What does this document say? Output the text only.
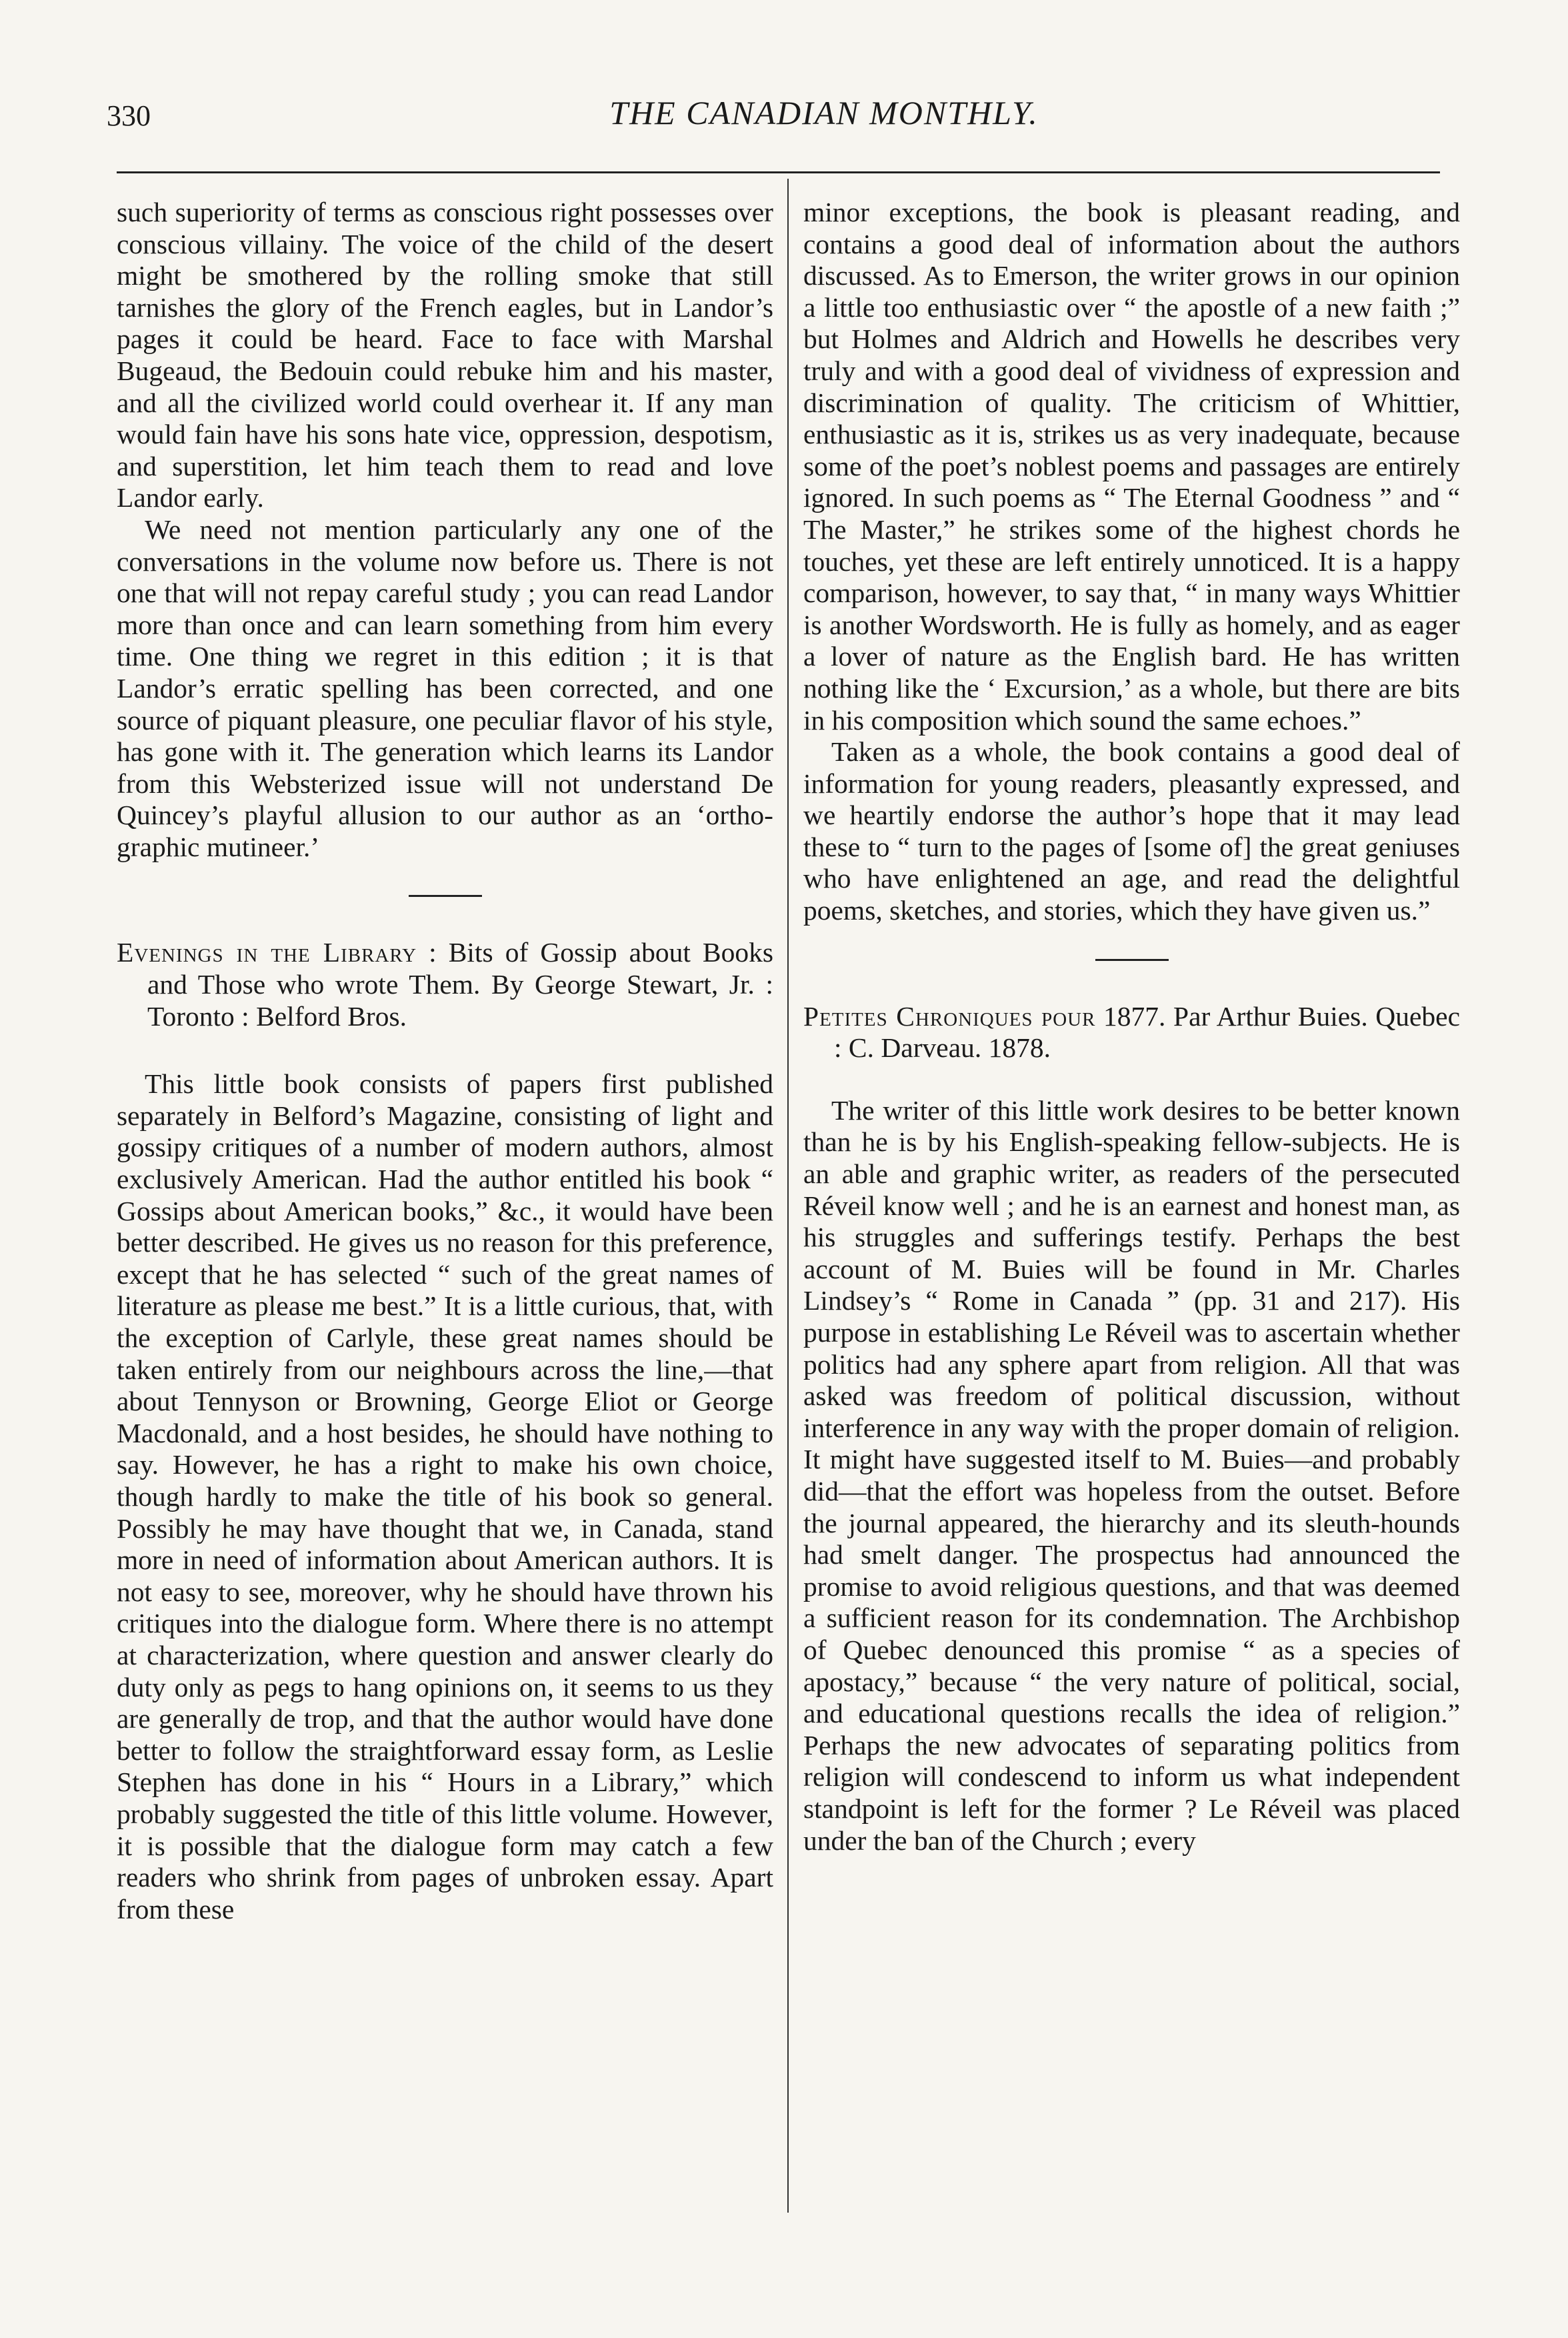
330	THE CANADIAN MONTHLY.

such superiority of terms as conscious right possesses over conscious villainy. The voice of the child of the desert might be smothered by the rolling smoke that still tarnishes the glory of the French eagles, but in Landor’s pages it could be heard. Face to face with Marshal Bugeaud, the Bedouin could rebuke him and his master, and all the civilized world could overhear it. If any man would fain have his sons hate vice, oppression, despotism, and superstition, let him teach them to read and love Landor early.

We need not mention particularly any one of the conversations in the volume now before us. There is not one that will not repay careful study ; you can read Landor more than once and can learn something from him every time. One thing we regret in this edition ; it is that Landor’s erratic spelling has been corrected, and one source of piquant pleasure, one peculiar flavor of his style, has gone with it. The generation which learns its Landor from this Websterized issue will not understand De Quincey’s playful allusion to our author as an ‘orthographic mutineer.’

Evenings in the Library : Bits of Gossip about Books and Those who wrote Them. By George Stewart, Jr. : Toronto : Belford Bros.

This little book consists of papers first published separately in Belford’s Magazine, consisting of light and gossipy critiques of a number of modern authors, almost exclusively American. Had the author entitled his book “ Gossips about American books,” &c., it would have been better described. He gives us no reason for this preference, except that he has selected “ such of the great names of literature as please me best.” It is a little curious, that, with the exception of Carlyle, these great names should be taken entirely from our neighbours across the line,—that about Tennyson or Browning, George Eliot or George Macdonald, and a host besides, he should have nothing to say. However, he has a right to make his own choice, though hardly to make the title of his book so general. Possibly he may have thought that we, in Canada, stand more in need of information about American authors. It is not easy to see, moreover, why he should have thrown his critiques into the dialogue form. Where there is no attempt at characterization, where question and answer clearly do duty only as pegs to hang opinions on, it seems to us they are generally de trop, and that the author would have done better to follow the straightforward essay form, as Leslie Stephen has done in his “ Hours in a Library,” which probably suggested the title of this little volume. However, it is possible that the dialogue form may catch a few readers who shrink from pages of unbroken essay. Apart from these

minor exceptions, the book is pleasant reading, and contains a good deal of information about the authors discussed. As to Emerson, the writer grows in our opinion a little too enthusiastic over “ the apostle of a new faith ;” but Holmes and Aldrich and Howells he describes very truly and with a good deal of vividness of expression and discrimination of quality. The criticism of Whittier, enthusiastic as it is, strikes us as very inadequate, because some of the poet’s noblest poems and passages are entirely ignored. In such poems as “ The Eternal Goodness ” and “ The Master,” he strikes some of the highest chords he touches, yet these are left entirely unnoticed. It is a happy comparison, however, to say that, “ in many ways Whittier is another Wordsworth. He is fully as homely, and as eager a lover of nature as the English bard. He has written nothing like the ‘ Excursion,’ as a whole, but there are bits in his composition which sound the same echoes.”

Taken as a whole, the book contains a good deal of information for young readers, pleasantly expressed, and we heartily endorse the author’s hope that it may lead these to “ turn to the pages of [some of] the great geniuses who have enlightened an age, and read the delightful poems, sketches, and stories, which they have given us.”

Petites Chroniques pour 1877. Par Arthur Buies. Quebec : C. Darveau. 1878.

The writer of this little work desires to be better known than he is by his English-speaking fellow-subjects. He is an able and graphic writer, as readers of the persecuted Réveil know well ; and he is an earnest and honest man, as his struggles and sufferings testify. Perhaps the best account of M. Buies will be found in Mr. Charles Lindsey’s “ Rome in Canada ” (pp. 31 and 217). His purpose in establishing Le Réveil was to ascertain whether politics had any sphere apart from religion. All that was asked was freedom of political discussion, without interference in any way with the proper domain of religion. It might have suggested itself to M. Buies—and probably did—that the effort was hopeless from the outset. Before the journal appeared, the hierarchy and its sleuth-hounds had smelt danger. The prospectus had announced the promise to avoid religious questions, and that was deemed a sufficient reason for its condemnation. The Archbishop of Quebec denounced this promise “ as a species of apostacy,” because “ the very nature of political, social, and educational questions recalls the idea of religion.” Perhaps the new advocates of separating politics from religion will condescend to inform us what independent standpoint is left for the former ? Le Réveil was placed under the ban of the Church ; every
